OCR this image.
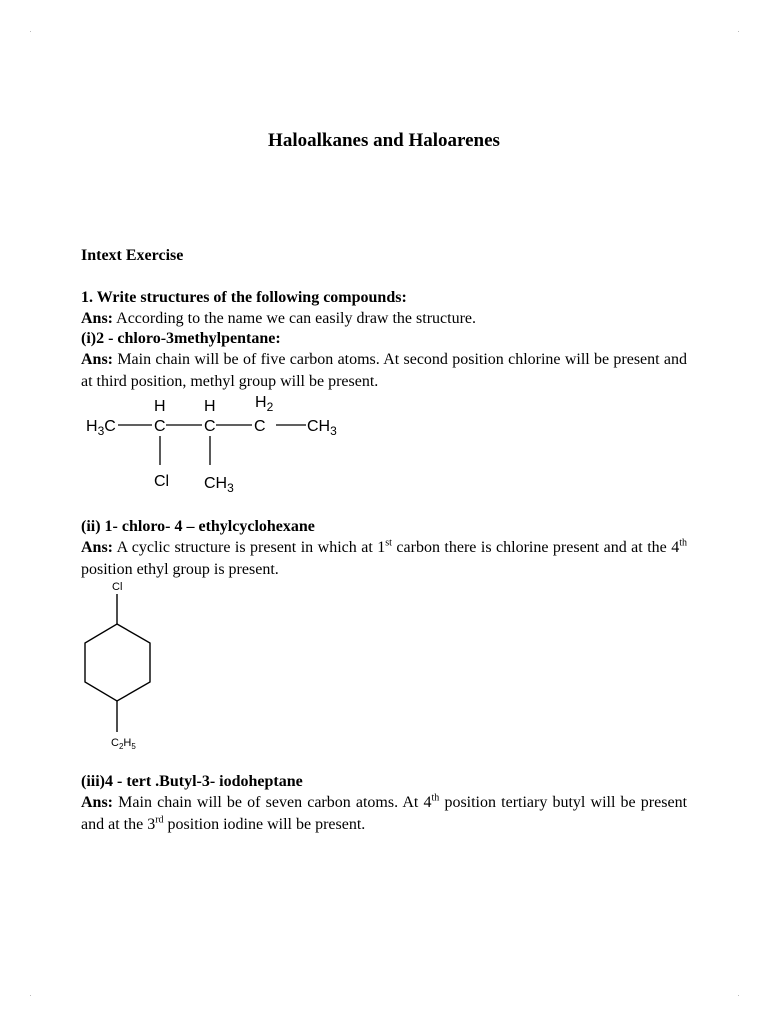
Haloalkanes and Haloarenes
Intext Exercise
1. Write structures of the following compounds:
Ans: According to the name we can easily draw the structure.
(i)2 - chloro-3methylpentane:
Ans: Main chain will be of five carbon atoms. At second position chlorine will be present and at third position, methyl group will be present.
$H_3C$ C C C	$CH_3$
H H $H_2$
Cl $CH_3$
(ii) 1- chloro- 4 – ethylcyclohexane
Ans: A cyclic structure is present in which at 1st carbon there is chlorine present and at the 4th position ethyl group is present.
Cl
$C_2H_5$
(iii)4 - tert .Butyl-3- iodoheptane
Ans: Main chain will be of seven carbon atoms. At 4th position tertiary butyl will be present and at the 3rd position iodine will be present.
